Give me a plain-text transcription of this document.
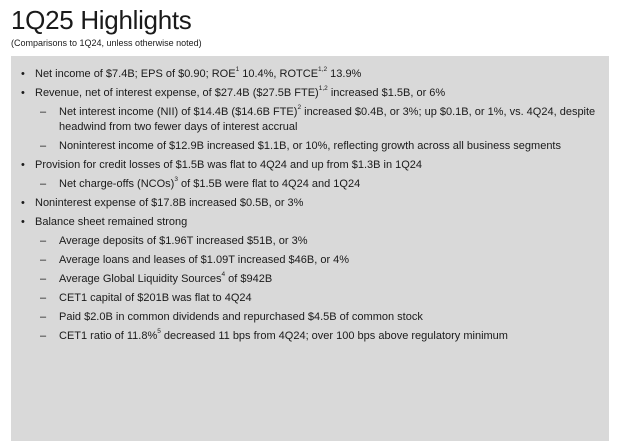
1Q25 Highlights
(Comparisons to 1Q24, unless otherwise noted)
• Net income of $7.4B; EPS of $0.90; ROE$^1$ 10.4%, ROTCE$^{1,2}$ 13.9%
• Revenue, net of interest expense, of $27.4B ($27.5B FTE)$^{1,2}$ increased $1.5B, or 6%
–	Net interest income (NII) of $14.4B ($14.6B FTE)$^2$ increased $0.4B, or 3%; up $0.1B, or 1%, vs. 4Q24, despite headwind from two fewer days of interest accrual
–	Noninterest income of $12.9B increased $1.1B, or 10%, reflecting growth across all business segments
• Provision for credit losses of $1.5B was flat to 4Q24 and up from $1.3B in 1Q24
–	Net charge-offs (NCOs)$^3$ of $1.5B were flat to 4Q24 and 1Q24
• Noninterest expense of $17.8B increased $0.5B, or 3%
• Balance sheet remained strong
–	Average deposits of $1.96T increased $51B, or 3%
–	Average loans and leases of $1.09T increased $46B, or 4%
–	Average Global Liquidity Sources$^4$ of $942B
–	CET1 capital of $201B was flat to 4Q24
–	Paid $2.0B in common dividends and repurchased $4.5B of common stock
–	CET1 ratio of 11.8%$^5$ decreased 11 bps from 4Q24; over 100 bps above regulatory minimum
